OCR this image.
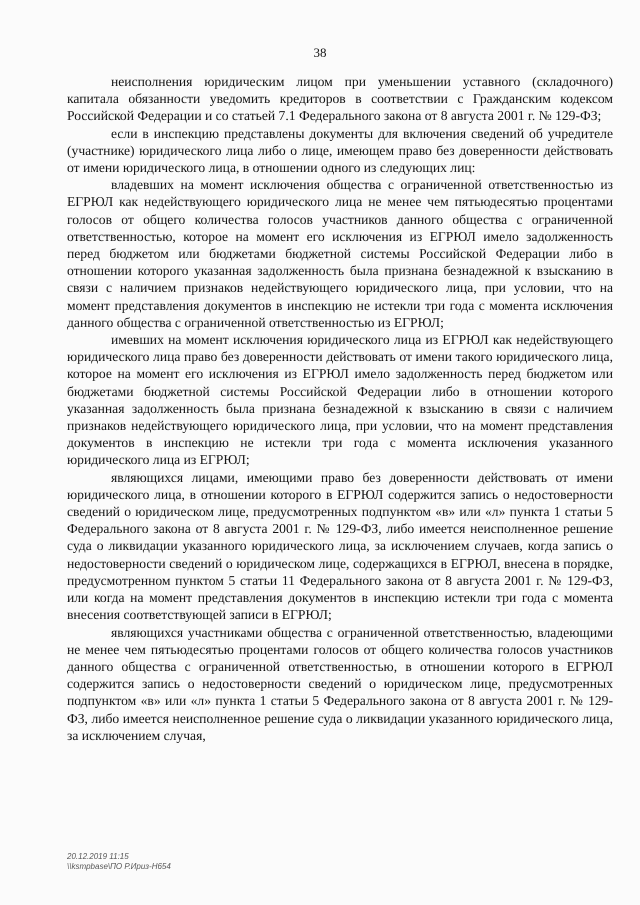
38

неисполнения юридическим лицом при уменьшении уставного (складочного) капитала обязанности уведомить кредиторов в соответствии с Гражданским кодексом Российской Федерации и со статьей 7.1 Федерального закона от 8 августа 2001 г. № 129-ФЗ;

если в инспекцию представлены документы для включения сведений об учредителе (участнике) юридического лица либо о лице, имеющем право без доверенности действовать от имени юридического лица, в отношении одного из следующих лиц:

владевших на момент исключения общества с ограниченной ответственностью из ЕГРЮЛ как недействующего юридического лица не менее чем пятьюдесятью процентами голосов от общего количества голосов участников данного общества с ограниченной ответственностью, которое на момент его исключения из ЕГРЮЛ имело задолженность перед бюджетом или бюджетами бюджетной системы Российской Федерации либо в отношении которого указанная задолженность была признана безнадежной к взысканию в связи с наличием признаков недействующего юридического лица, при условии, что на момент представления документов в инспекцию не истекли три года с момента исключения данного общества с ограниченной ответственностью из ЕГРЮЛ;

имевших на момент исключения юридического лица из ЕГРЮЛ как недействующего юридического лица право без доверенности действовать от имени такого юридического лица, которое на момент его исключения из ЕГРЮЛ имело задолженность перед бюджетом или бюджетами бюджетной системы Российской Федерации либо в отношении которого указанная задолженность была признана безнадежной к взысканию в связи с наличием признаков недействующего юридического лица, при условии, что на момент представления документов в инспекцию не истекли три года с момента исключения указанного юридического лица из ЕГРЮЛ;

являющихся лицами, имеющими право без доверенности действовать от имени юридического лица, в отношении которого в ЕГРЮЛ содержится запись о недостоверности сведений о юридическом лице, предусмотренных подпунктом «в» или «л» пункта 1 статьи 5 Федерального закона от 8 августа 2001 г. № 129-ФЗ, либо имеется неисполненное решение суда о ликвидации указанного юридического лица, за исключением случаев, когда запись о недостоверности сведений о юридическом лице, содержащихся в ЕГРЮЛ, внесена в порядке, предусмотренном пунктом 5 статьи 11 Федерального закона от 8 августа 2001 г. № 129-ФЗ, или когда на момент представления документов в инспекцию истекли три года с момента внесения соответствующей записи в ЕГРЮЛ;

являющихся участниками общества с ограниченной ответственностью, владеющими не менее чем пятьюдесятью процентами голосов от общего количества голосов участников данного общества с ограниченной ответственностью, в отношении которого в ЕГРЮЛ содержится запись о недостоверности сведений о юридическом лице, предусмотренных подпунктом «в» или «л» пункта 1 статьи 5 Федерального закона от 8 августа 2001 г. № 129-ФЗ, либо имеется неисполненное решение суда о ликвидации указанного юридического лица, за исключением случая,

20.12.2019 11:15
\\ksmpbase\ПО Р.Ириз-Н654
